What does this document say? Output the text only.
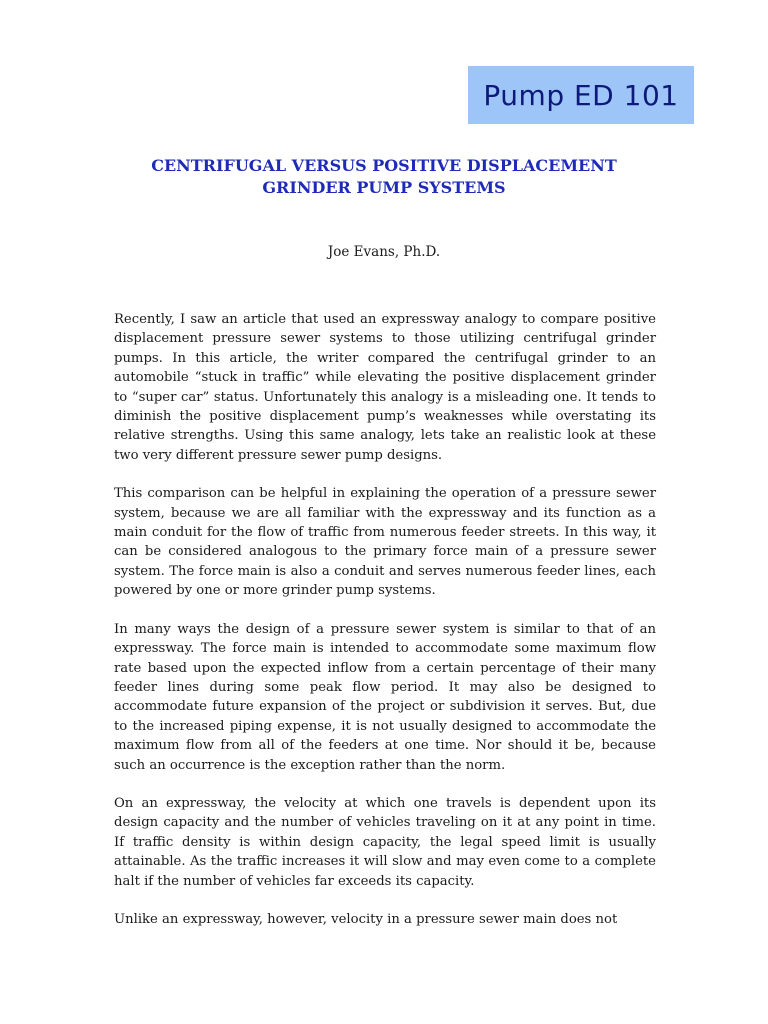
Pump ED 101
CENTRIFUGAL VERSUS POSITIVE DISPLACEMENT
GRINDER PUMP SYSTEMS
Joe Evans, Ph.D.

Recently, I saw an article that used an expressway analogy to compare positive displacement pressure sewer systems to those utilizing centrifugal grinder pumps. In this article, the writer compared the centrifugal grinder to an automobile “stuck in traffic” while elevating the positive displacement grinder to “super car” status. Unfortunately this analogy is a misleading one. It tends to diminish the positive displacement pump’s weaknesses while overstating its relative strengths. Using this same analogy, lets take an realistic look at these two very different pressure sewer pump designs.

This comparison can be helpful in explaining the operation of a pressure sewer system, because we are all familiar with the expressway and its function as a main conduit for the flow of traffic from numerous feeder streets. In this way, it can be considered analogous to the primary force main of a pressure sewer system. The force main is also a conduit and serves numerous feeder lines, each powered by one or more grinder pump systems.

In many ways the design of a pressure sewer system is similar to that of an expressway. The force main is intended to accommodate some maximum flow rate based upon the expected inflow from a certain percentage of their many feeder lines during some peak flow period. It may also be designed to accommodate future expansion of the project or subdivision it serves. But, due to the increased piping expense, it is not usually designed to accommodate the maximum flow from all of the feeders at one time. Nor should it be, because such an occurrence is the exception rather than the norm.

On an expressway, the velocity at which one travels is dependent upon its design capacity and the number of vehicles traveling on it at any point in time. If traffic density is within design capacity, the legal speed limit is usually attainable. As the traffic increases it will slow and may even come to a complete halt if the number of vehicles far exceeds its capacity.

Unlike an expressway, however, velocity in a pressure sewer main does not
